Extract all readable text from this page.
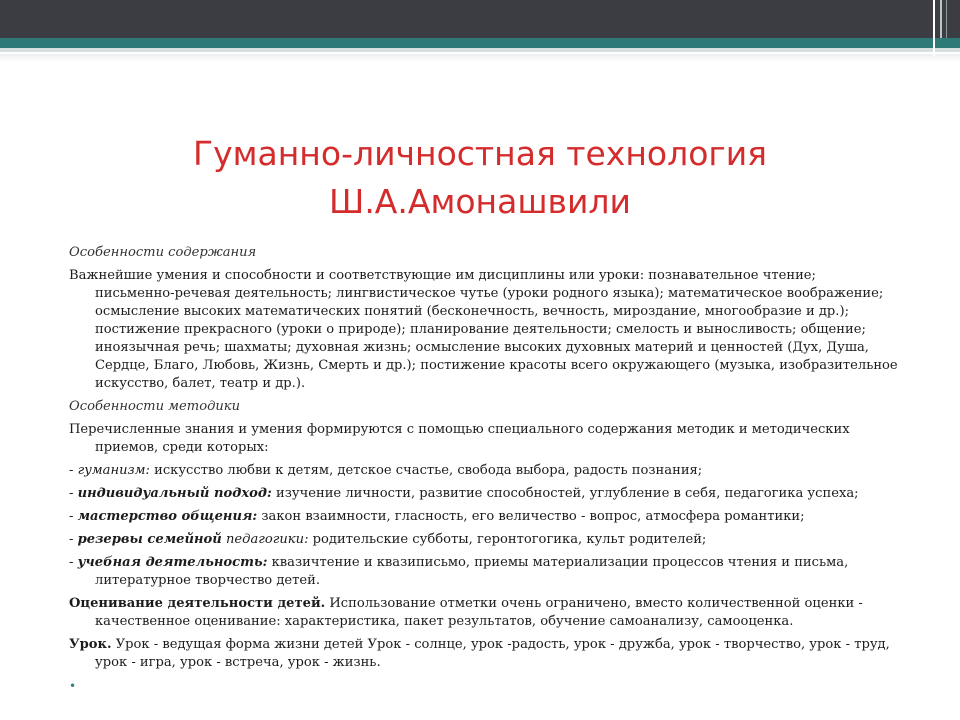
Гуманно-личностная технология
Ш.А.Амонашвили

Особенности содержания

Важнейшие умения и способности и соответствующие им дисциплины или уроки: познавательное чтение; письменно-речевая деятельность; лингвистическое чутье (уроки родного языка); математическое воображение; осмысление высоких математических понятий (бесконечность, вечность, мироздание, многообразие и др.); постижение прекрасного (уроки о природе); планирование деятельности; смелость и выносливость; общение; иноязычная речь; шахматы; духовная жизнь; осмысление высоких духовных материй и ценностей (Дух, Душа, Сердце, Благо, Любовь, Жизнь, Смерть и др.); постижение красоты всего окружающего (музыка, изобразительное искусство, балет, театр и др.).

Особенности методики

Перечисленные знания и умения формируются с помощью специального содержания методик и методических приемов, среди которых:

- гуманизм: искусство любви к детям, детское счастье, свобода выбора, радость познания;

- индивидуальный подход: изучение личности, развитие способностей, углубление в себя, педагогика успеха;

- мастерство общения: закон взаимности, гласность, его величество - вопрос, атмосфера романтики;

- резервы семейной педагогики: родительские субботы, геронтогогика, культ родителей;

- учебная деятельность: квазичтение и квазиписьмо, приемы материализации процессов чтения и письма, литературное творчество детей.

Оценивание деятельности детей. Использование отметки очень ограничено, вместо количественной оценки - качественное оценивание: характеристика, пакет результатов, обучение самоанализу, самооценка.

Урок. Урок - ведущая форма жизни детей Урок - солнце, урок -радость, урок - дружба, урок - творчество, урок - труд, урок - игра, урок - встреча, урок - жизнь.

•
